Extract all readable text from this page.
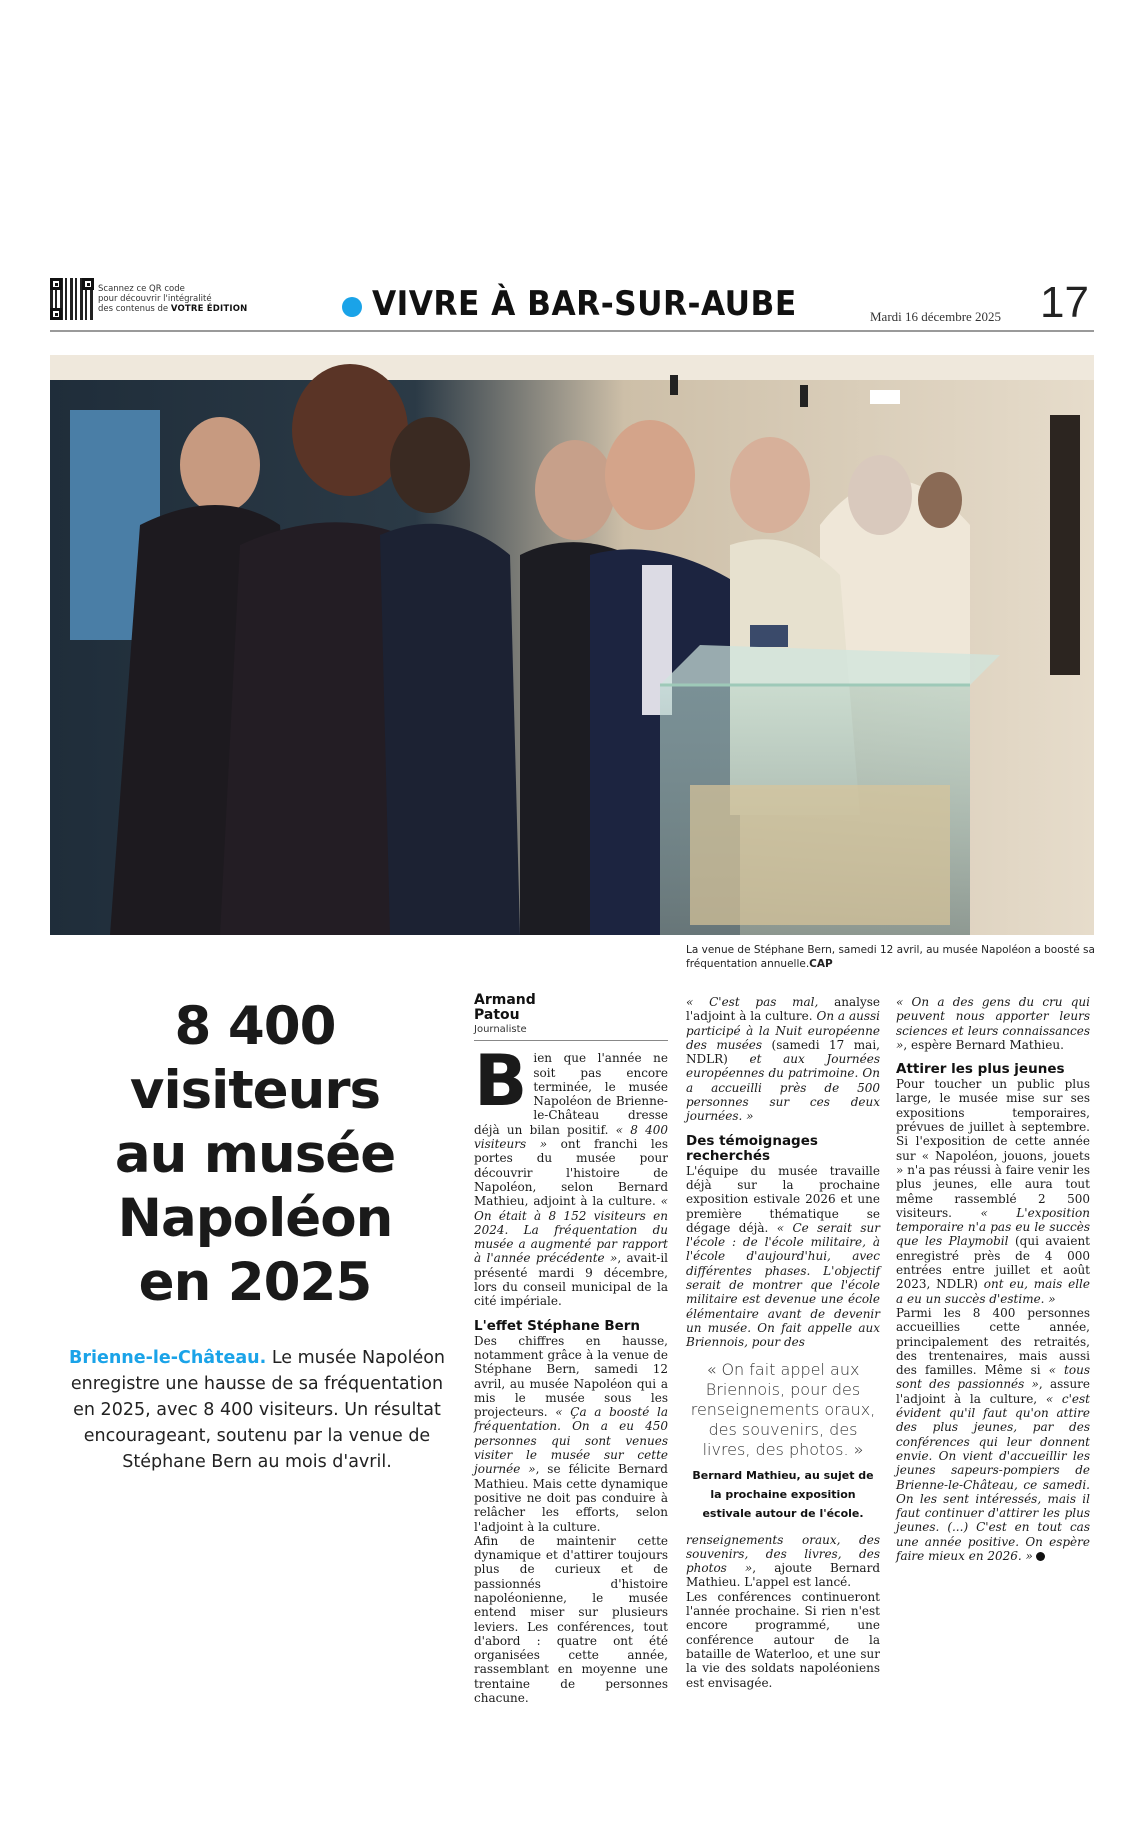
Scannez ce QR code
pour découvrir l'intégralité
des contenus de VOTRE ÉDITION	VIVRE À BAR-SUR-AUBE	Mardi 16 décembre 2025 17
La venue de Stéphane Bern, samedi 12 avril, au musée Napoléon a boosté sa fréquentation annuelle.CAP
8 400
visiteurs
au musée
Napoléon
en 2025

Brienne-le-Château. Le musée Napoléon enregistre une hausse de sa fréquentation en 2025, avec 8 400 visiteurs. Un résultat encourageant, soutenu par la venue de Stéphane Bern au mois d'avril.

Armand
Patou
Journaliste

Bien que l'année ne soit pas encore terminée, le musée Napoléon de Brienne-le-Château dresse déjà un bilan positif. « 8 400 visiteurs » ont franchi les portes du musée pour découvrir l'histoire de Napoléon, selon Bernard Mathieu, adjoint à la culture. « On était à 8 152 visiteurs en 2024. La fréquentation du musée a augmenté par rapport à l'année précédente », avait-il présenté mardi 9 décembre, lors du conseil municipal de la cité impériale.

L'effet Stéphane Bern

Des chiffres en hausse, notamment grâce à la venue de Stéphane Bern, samedi 12 avril, au musée Napoléon qui a mis le musée sous les projecteurs. « Ça a boosté la fréquentation. On a eu 450 personnes qui sont venues visiter le musée sur cette journée », se félicite Bernard Mathieu. Mais cette dynamique positive ne doit pas conduire à relâcher les efforts, selon l'adjoint à la culture.

Afin de maintenir cette dynamique et d'attirer toujours plus de curieux et de passionnés d'histoire napoléonienne, le musée entend miser sur plusieurs leviers. Les conférences, tout d'abord : quatre ont été organisées cette année, rassemblant en moyenne une trentaine de personnes chacune.

« C'est pas mal, analyse l'adjoint à la culture. On a aussi participé à la Nuit européenne des musées (samedi 17 mai, NDLR) et aux Journées européennes du patrimoine. On a accueilli près de 500 personnes sur ces deux journées. »

Des témoignages recherchés

L'équipe du musée travaille déjà sur la prochaine exposition estivale 2026 et une première thématique se dégage déjà. « Ce serait sur l'école : de l'école militaire, à l'école d'aujourd'hui, avec différentes phases. L'objectif serait de montrer que l'école militaire est devenue une école élémentaire avant de devenir un musée. On fait appelle aux Briennois, pour des

« On fait appel aux Briennois, pour des renseignements oraux, des souvenirs, des livres, des photos. »
Bernard Mathieu, au sujet de la prochaine exposition estivale autour de l'école.

renseignements oraux, des souvenirs, des livres, des photos », ajoute Bernard Mathieu. L'appel est lancé.

Les conférences continueront l'année prochaine. Si rien n'est encore programmé, une conférence autour de la bataille de Waterloo, et une sur la vie des soldats napoléoniens est envisagée.

« On a des gens du cru qui peuvent nous apporter leurs sciences et leurs connaissances », espère Bernard Mathieu.

Attirer les plus jeunes

Pour toucher un public plus large, le musée mise sur ses expositions temporaires, prévues de juillet à septembre. Si l'exposition de cette année sur « Napoléon, jouons, jouets » n'a pas réussi à faire venir les plus jeunes, elle aura tout même rassemblé 2 500 visiteurs. « L'exposition temporaire n'a pas eu le succès que les Playmobil (qui avaient enregistré près de 4 000 entrées entre juillet et août 2023, NDLR) ont eu, mais elle a eu un succès d'estime. »

Parmi les 8 400 personnes accueillies cette année, principalement des retraités, des trentenaires, mais aussi des familles. Même si « tous sont des passionnés », assure l'adjoint à la culture, « c'est évident qu'il faut qu'on attire des plus jeunes, par des conférences qui leur donnent envie. On vient d'accueillir les jeunes sapeurs-pompiers de Brienne-le-Château, ce samedi. On les sent intéressés, mais il faut continuer d'attirer les plus jeunes. (...) C'est en tout cas une année positive. On espère faire mieux en 2026. »
